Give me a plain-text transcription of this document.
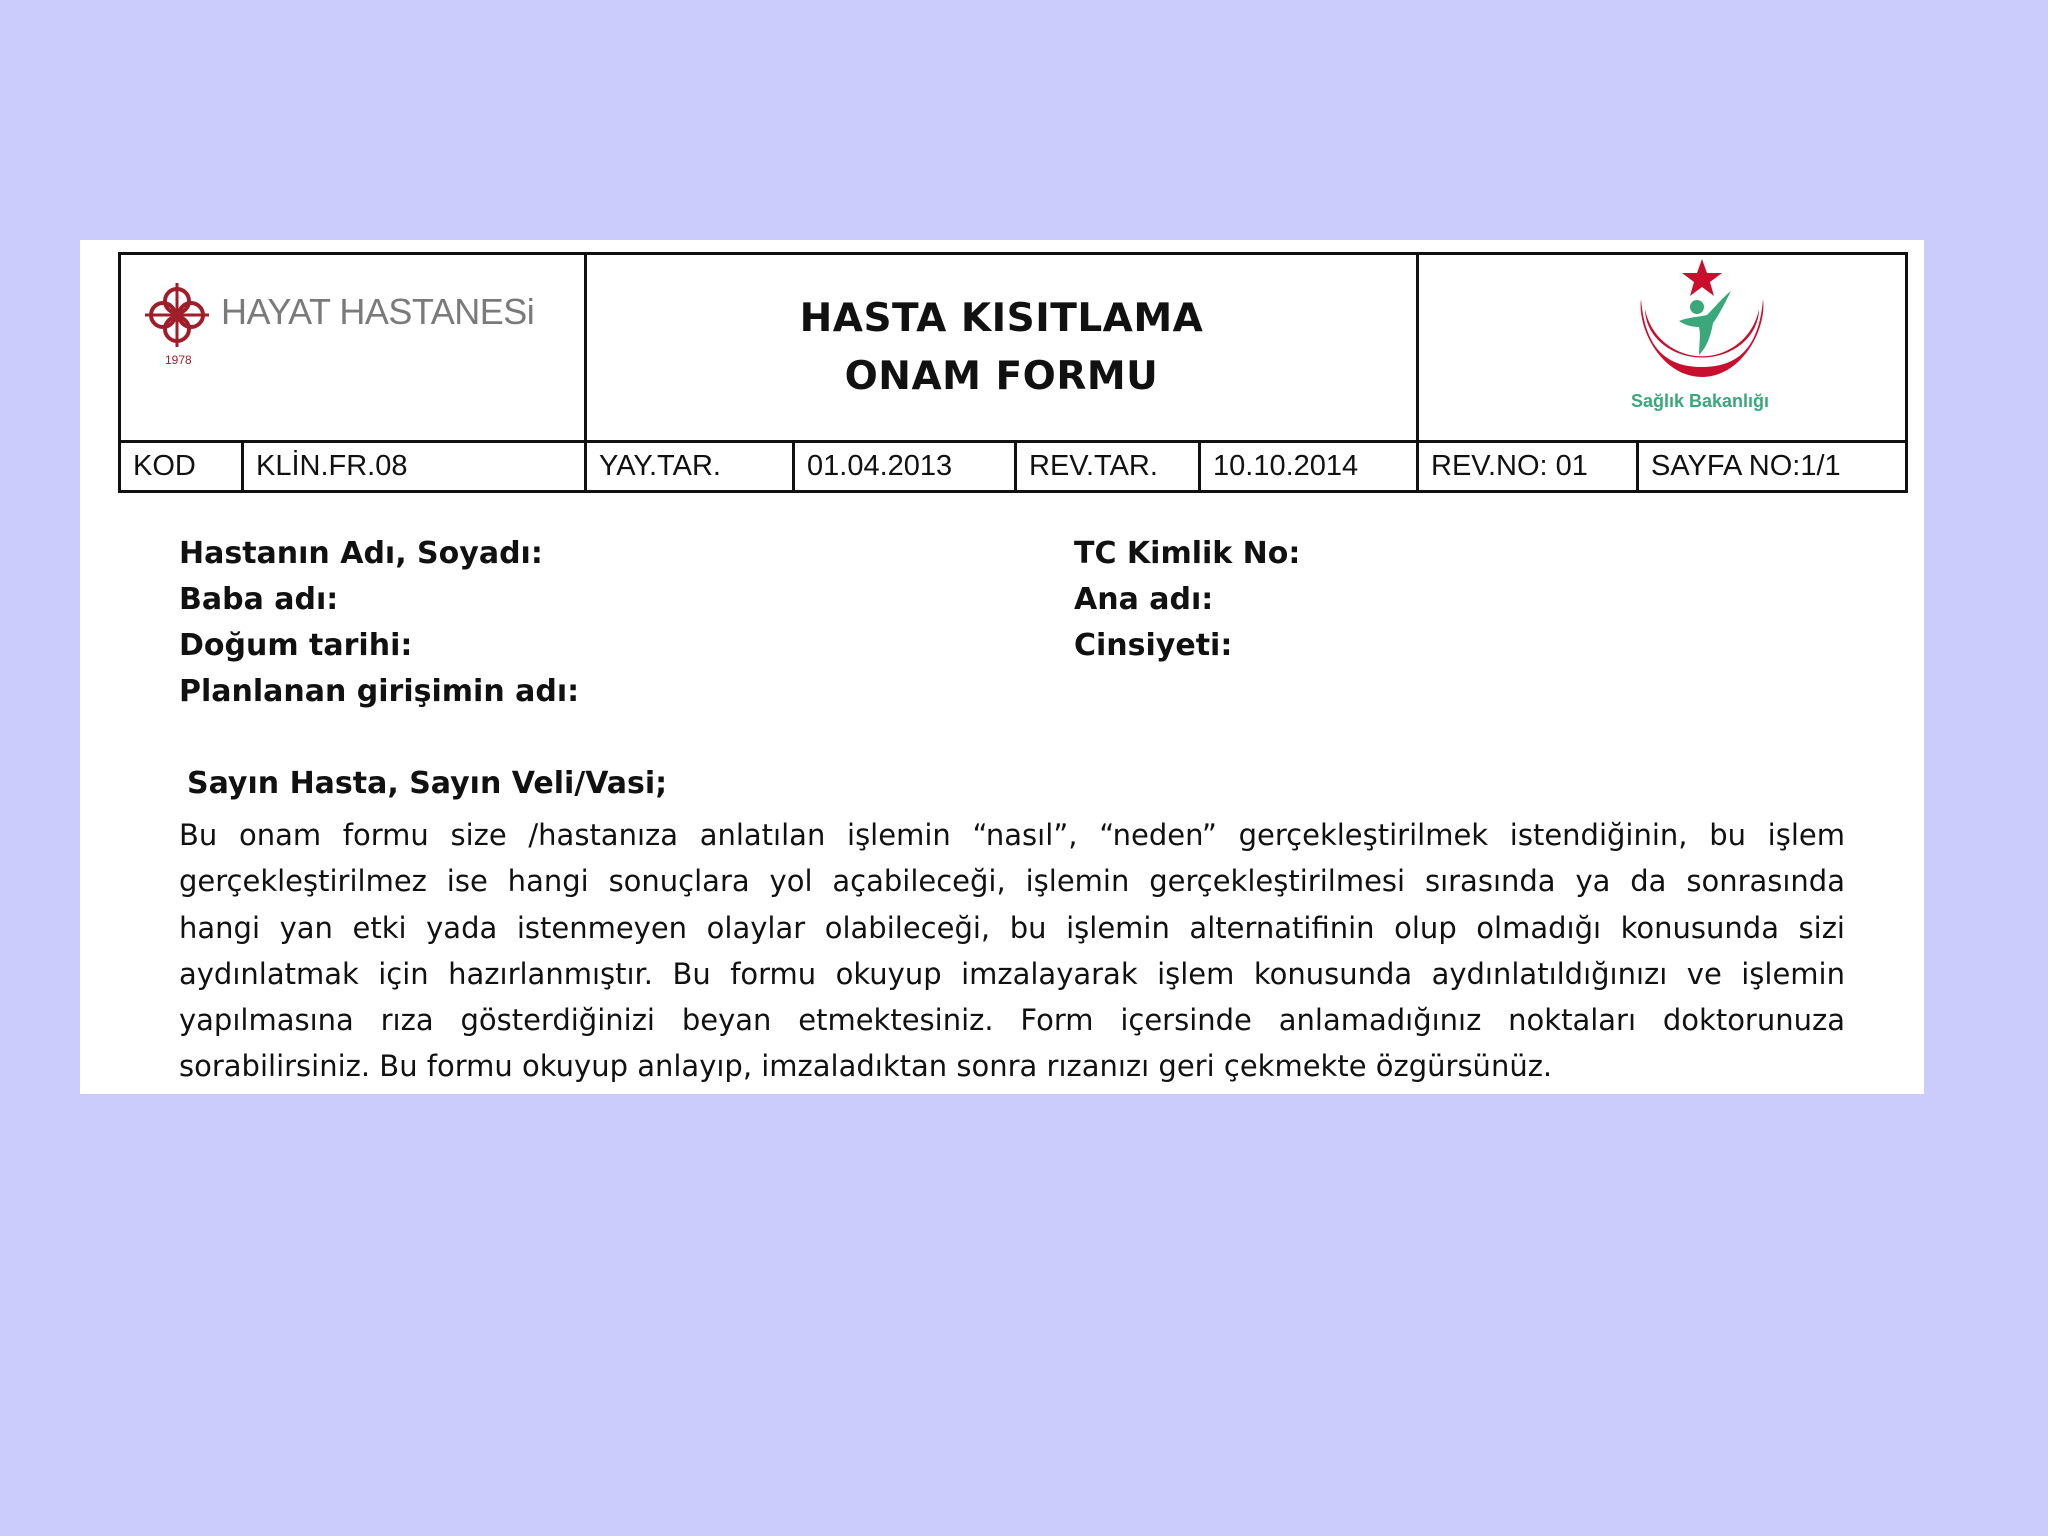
HAYAT HASTANESi
1978
HASTA KISITLAMA
ONAM FORMU
Sağlık Bakanlığı
KOD	KLİN.FR.08	YAY.TAR.	01.04.2013	REV.TAR.	10.10.2014	REV.NO: 01	SAYFA NO:1/1
Hastanın Adı, Soyadı:
Baba adı:
Doğum tarihi:
Planlanan girişimin adı:
TC Kimlik No:
Ana adı:
Cinsiyeti:
Sayın Hasta, Sayın Veli/Vasi;
Bu onam formu size /hastanıza anlatılan işlemin “nasıl”, “neden” gerçekleştirilmek istendiğinin, bu işlem
gerçekleştirilmez ise hangi sonuçlara yol açabileceği, işlemin gerçekleştirilmesi sırasında ya da sonrasında
hangi yan etki yada istenmeyen olaylar olabileceği, bu işlemin alternatifinin olup olmadığı konusunda sizi
aydınlatmak için hazırlanmıştır. Bu formu okuyup imzalayarak işlem konusunda aydınlatıldığınızı ve işlemin
yapılmasına rıza gösterdiğinizi beyan etmektesiniz. Form içersinde anlamadığınız noktaları doktorunuza
sorabilirsiniz. Bu formu okuyup anlayıp, imzaladıktan sonra rızanızı geri çekmekte özgürsünüz.
